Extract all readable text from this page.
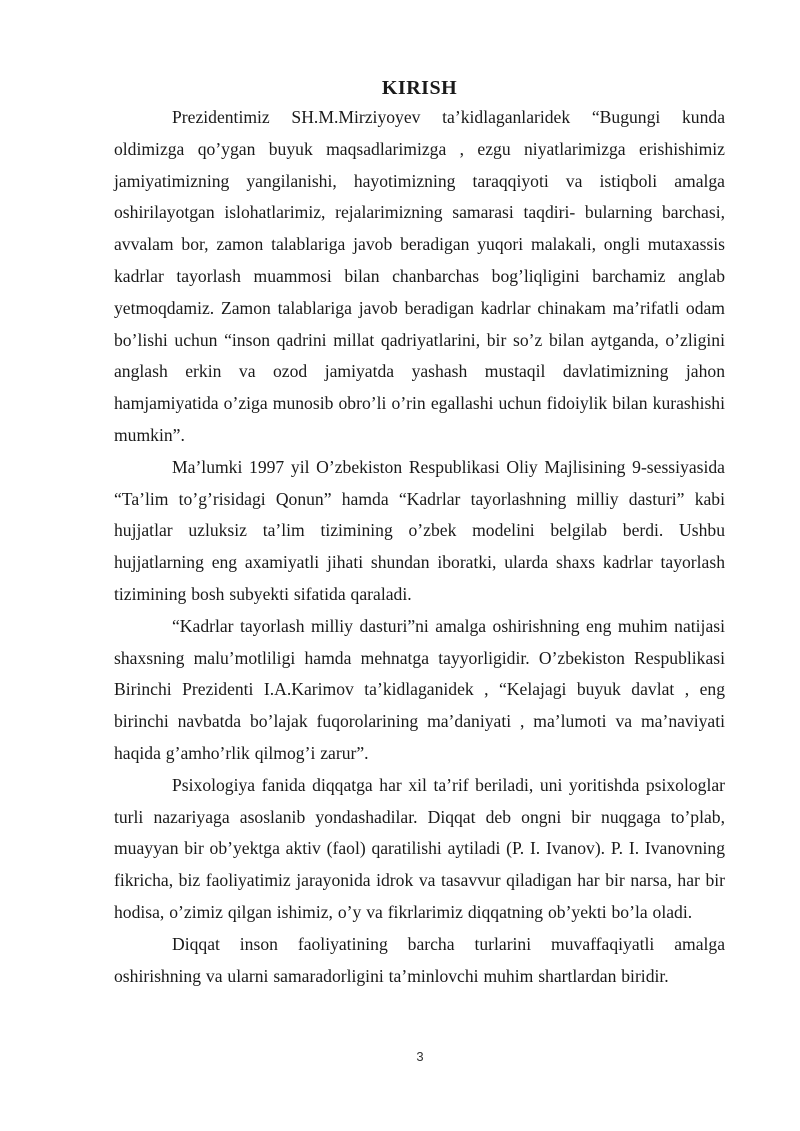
KIRISH

Prezidentimiz SH.M.Mirziyoyev ta’kidlaganlaridek “Bugungi kunda oldimizga qo’ygan buyuk maqsadlarimizga , ezgu niyatlarimizga erishishimiz jamiyatimizning yangilanishi, hayotimizning taraqqiyoti va istiqboli amalga oshirilayotgan islohatlarimiz, rejalarimizning samarasi taqdiri- bularning barchasi, avvalam bor, zamon talablariga javob beradigan yuqori malakali, ongli mutaxassis kadrlar tayorlash muammosi bilan chanbarchas bog’liqligini barchamiz anglab yetmoqdamiz. Zamon talablariga javob beradigan kadrlar chinakam ma’rifatli odam bo’lishi uchun “inson qadrini millat qadriyatlarini, bir so’z bilan aytganda, o’zligini anglash erkin va ozod jamiyatda yashash mustaqil davlatimizning jahon hamjamiyatida o’ziga munosib obro’li o’rin egallashi uchun fidoiylik bilan kurashishi mumkin”.

Ma’lumki 1997 yil O’zbekiston Respublikasi Oliy Majlisining 9-sessiyasida “Ta’lim to’g’risidagi Qonun” hamda “Kadrlar tayorlashning milliy dasturi” kabi hujjatlar uzluksiz ta’lim tizimining o’zbek modelini belgilab berdi. Ushbu hujjatlarning eng axamiyatli jihati shundan iboratki, ularda shaxs kadrlar tayorlash tizimining bosh subyekti sifatida qaraladi.

“Kadrlar tayorlash milliy dasturi”ni amalga oshirishning eng muhim natijasi shaxsning malu’motliligi hamda mehnatga tayyorligidir. O’zbekiston Respublikasi Birinchi Prezidenti I.A.Karimov ta’kidlaganidek , “Kelajagi buyuk davlat , eng birinchi navbatda bo’lajak fuqorolarining ma’daniyati , ma’lumoti va ma’naviyati haqida g’amho’rlik qilmog’i zarur”.

Psixologiya fanida diqqatga har xil ta’rif beriladi, uni yoritishda psixologlar turli nazariyaga asoslanib yondashadilar. Diqqat deb ongni bir nuqgaga to’plab, muayyan bir ob’yektga aktiv (faol) qaratilishi aytiladi (P. I. Ivanov). P. I. Ivanovning fikricha, biz faoliyatimiz jarayonida idrok va tasavvur qiladigan har bir narsa, har bir hodisa, o’zimiz qilgan ishimiz, o’y va fikrlarimiz diqqatning ob’yekti bo’la oladi.

Diqqat inson faoliyatining barcha turlarini muvaffaqiyatli amalga oshirishning va ularni samaradorligini ta’minlovchi muhim shartlardan biridir.

3
